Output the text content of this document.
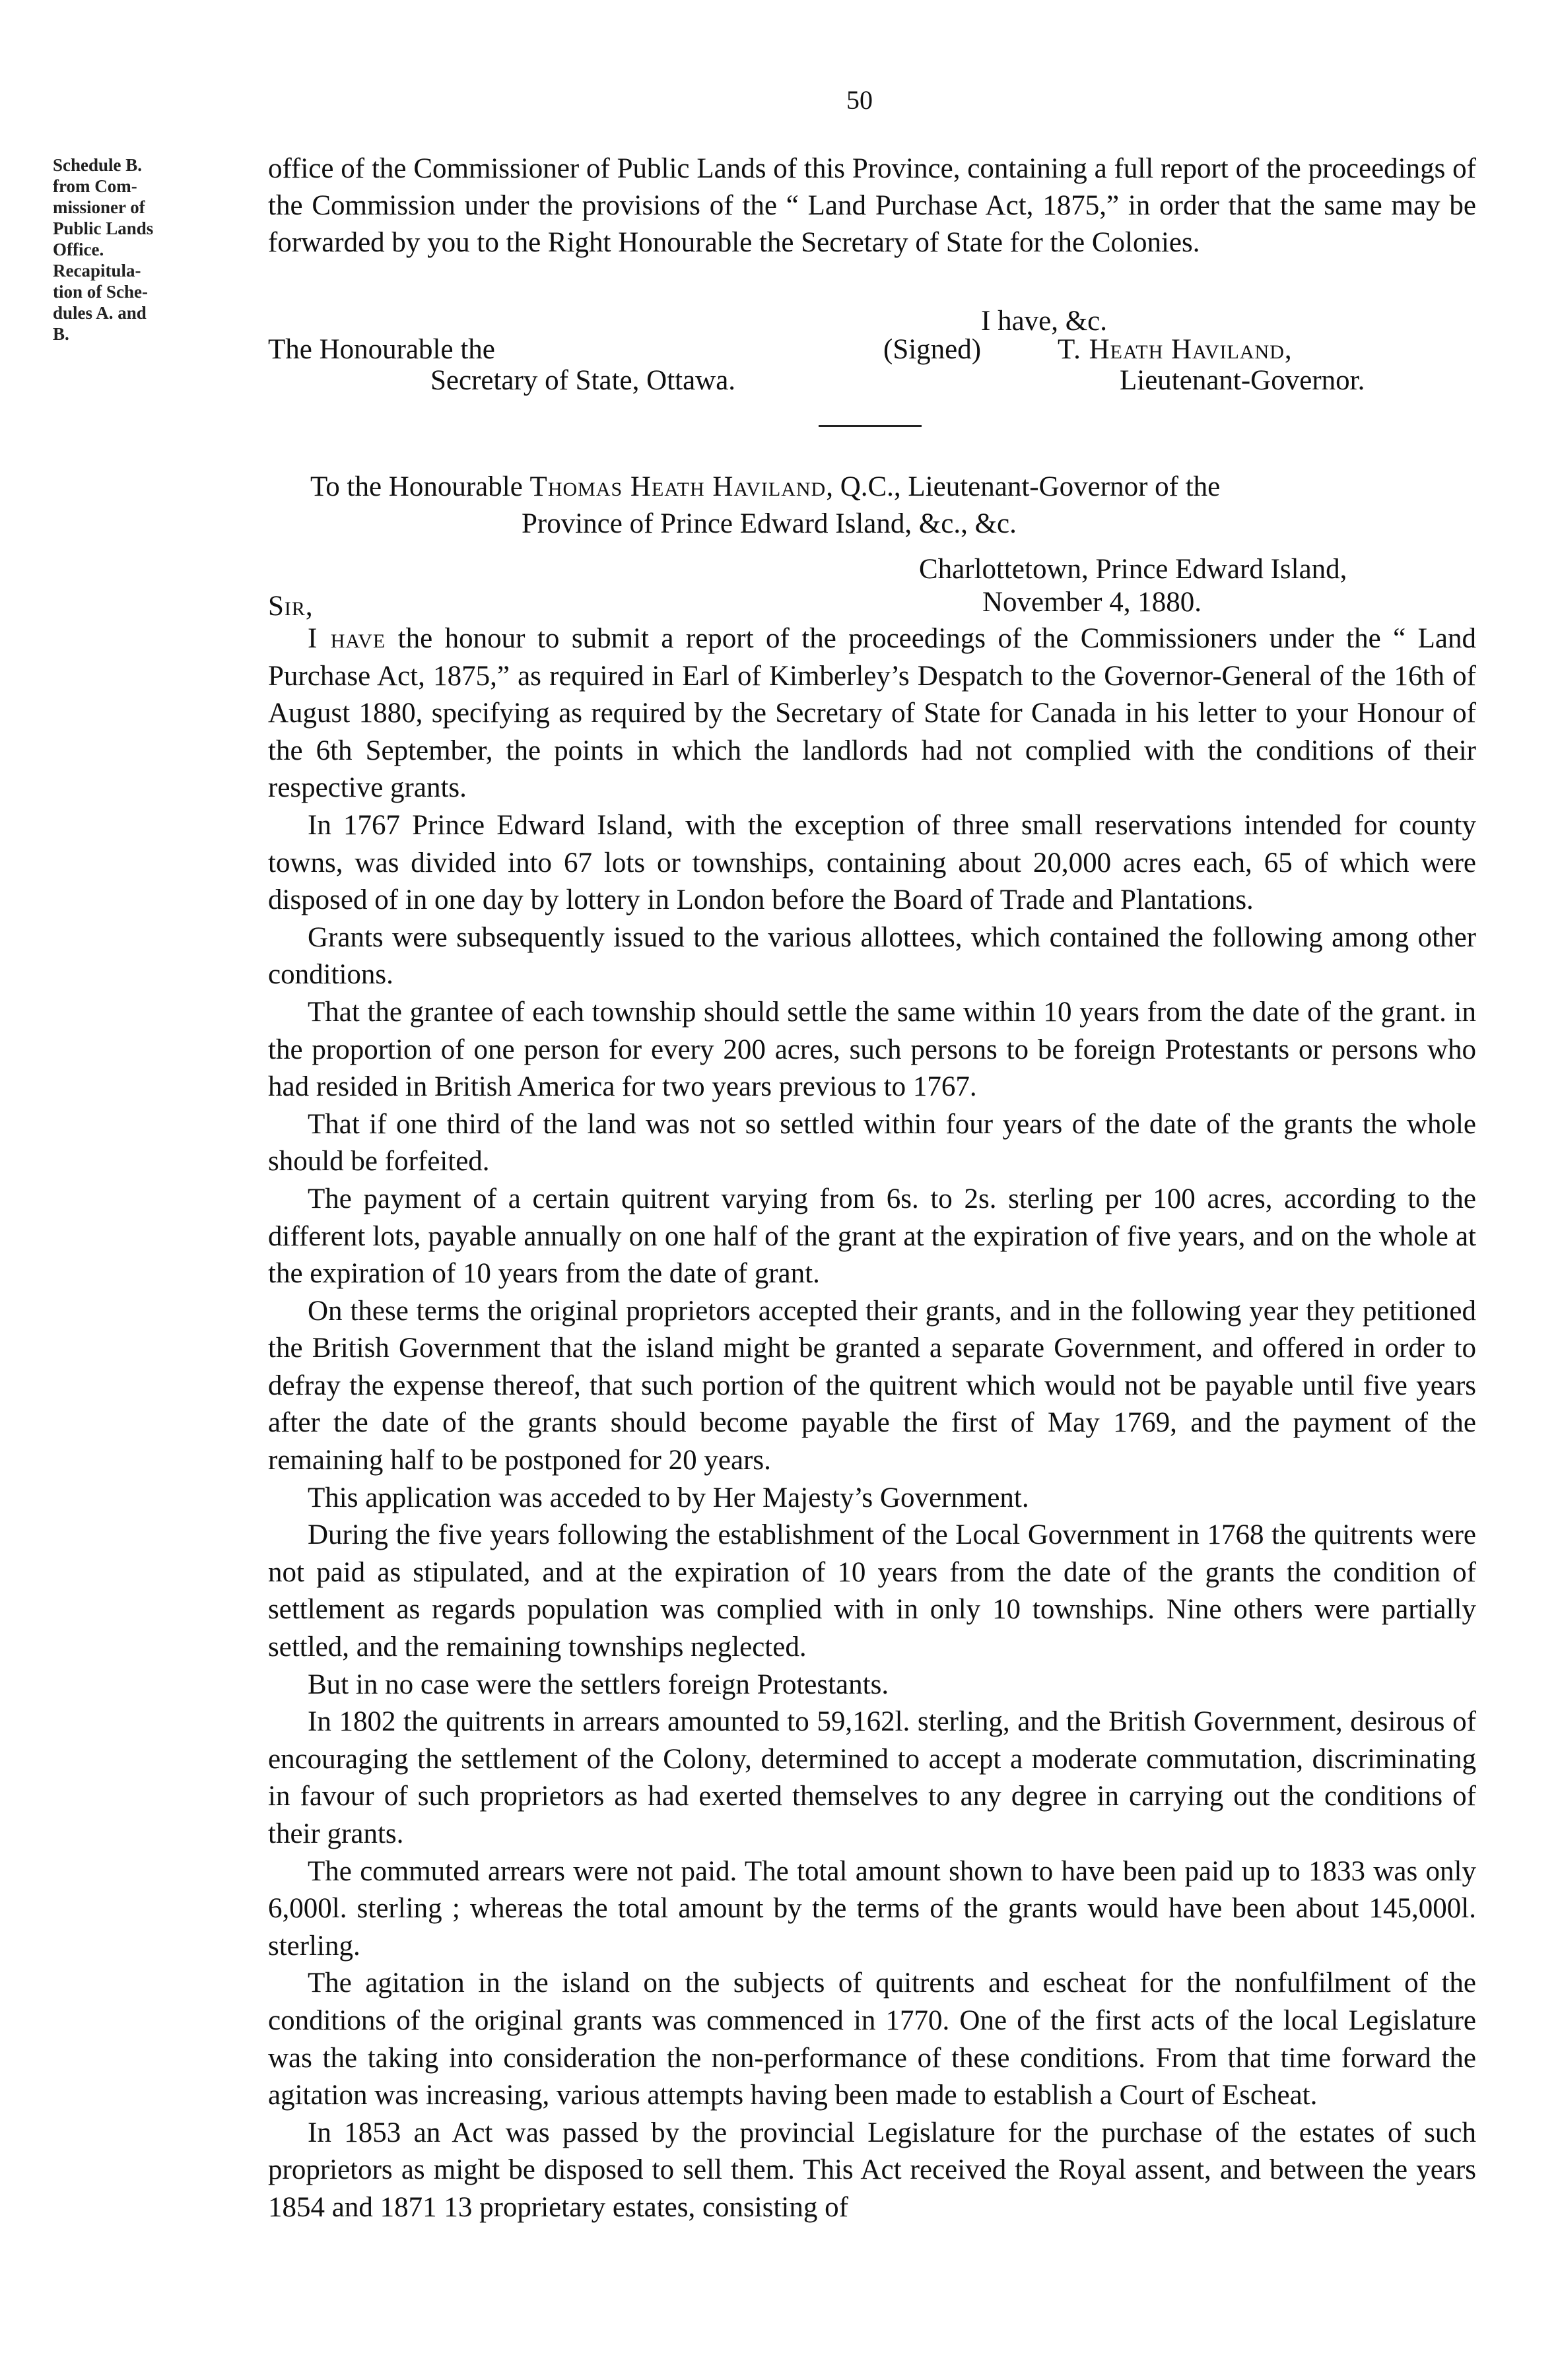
50
Schedule B.
from Com-
missioner of
Public Lands
Office.
Recapitula-
tion of Sche-
dules A. and
B.

office of the Commissioner of Public Lands of this Province, containing a full report of the proceedings of the Commission under the provisions of the “ Land Purchase Act, 1875,” in order that the same may be forwarded by you to the Right Honourable the Secretary of State for the Colonies.

I have, &c.
The Honourable the	(Signed)	T. Heath Haviland,
Secretary of State, Ottawa.	Lieutenant-Governor.
To the Honourable Thomas Heath Haviland, Q.C., Lieutenant-Governor of the
Province of Prince Edward Island, &c., &c.
Charlottetown, Prince Edward Island,
Sir,	November 4, 1880.

I have the honour to submit a report of the proceedings of the Commissioners under the “ Land Purchase Act, 1875,” as required in Earl of Kimberley’s Despatch to the Governor-General of the 16th of August 1880, specifying as required by the Secretary of State for Canada in his letter to your Honour of the 6th September, the points in which the landlords had not complied with the conditions of their respective grants.

In 1767 Prince Edward Island, with the exception of three small reservations intended for county towns, was divided into 67 lots or townships, containing about 20,000 acres each, 65 of which were disposed of in one day by lottery in London before the Board of Trade and Plantations.

Grants were subsequently issued to the various allottees, which contained the following among other conditions.

That the grantee of each township should settle the same within 10 years from the date of the grant. in the proportion of one person for every 200 acres, such persons to be foreign Protestants or persons who had resided in British America for two years previous to 1767.

That if one third of the land was not so settled within four years of the date of the grants the whole should be forfeited.

The payment of a certain quitrent varying from 6s. to 2s. sterling per 100 acres, according to the different lots, payable annually on one half of the grant at the expiration of five years, and on the whole at the expiration of 10 years from the date of grant.

On these terms the original proprietors accepted their grants, and in the following year they petitioned the British Government that the island might be granted a separate Government, and offered in order to defray the expense thereof, that such portion of the quitrent which would not be payable until five years after the date of the grants should become payable the first of May 1769, and the payment of the remaining half to be postponed for 20 years.

This application was acceded to by Her Majesty’s Government.

During the five years following the establishment of the Local Government in 1768 the quitrents were not paid as stipulated, and at the expiration of 10 years from the date of the grants the condition of settlement as regards population was complied with in only 10 townships. Nine others were partially settled, and the remaining townships neglected.

But in no case were the settlers foreign Protestants.

In 1802 the quitrents in arrears amounted to 59,162l. sterling, and the British Government, desirous of encouraging the settlement of the Colony, determined to accept a moderate commutation, discriminating in favour of such proprietors as had exerted themselves to any degree in carrying out the conditions of their grants.

The commuted arrears were not paid. The total amount shown to have been paid up to 1833 was only 6,000l. sterling ; whereas the total amount by the terms of the grants would have been about 145,000l. sterling.

The agitation in the island on the subjects of quitrents and escheat for the nonfulfilment of the conditions of the original grants was commenced in 1770. One of the first acts of the local Legislature was the taking into consideration the non-performance of these conditions. From that time forward the agitation was increasing, various attempts having been made to establish a Court of Escheat.

In 1853 an Act was passed by the provincial Legislature for the purchase of the estates of such proprietors as might be disposed to sell them. This Act received the Royal assent, and between the years 1854 and 1871 13 proprietary estates, consisting of
